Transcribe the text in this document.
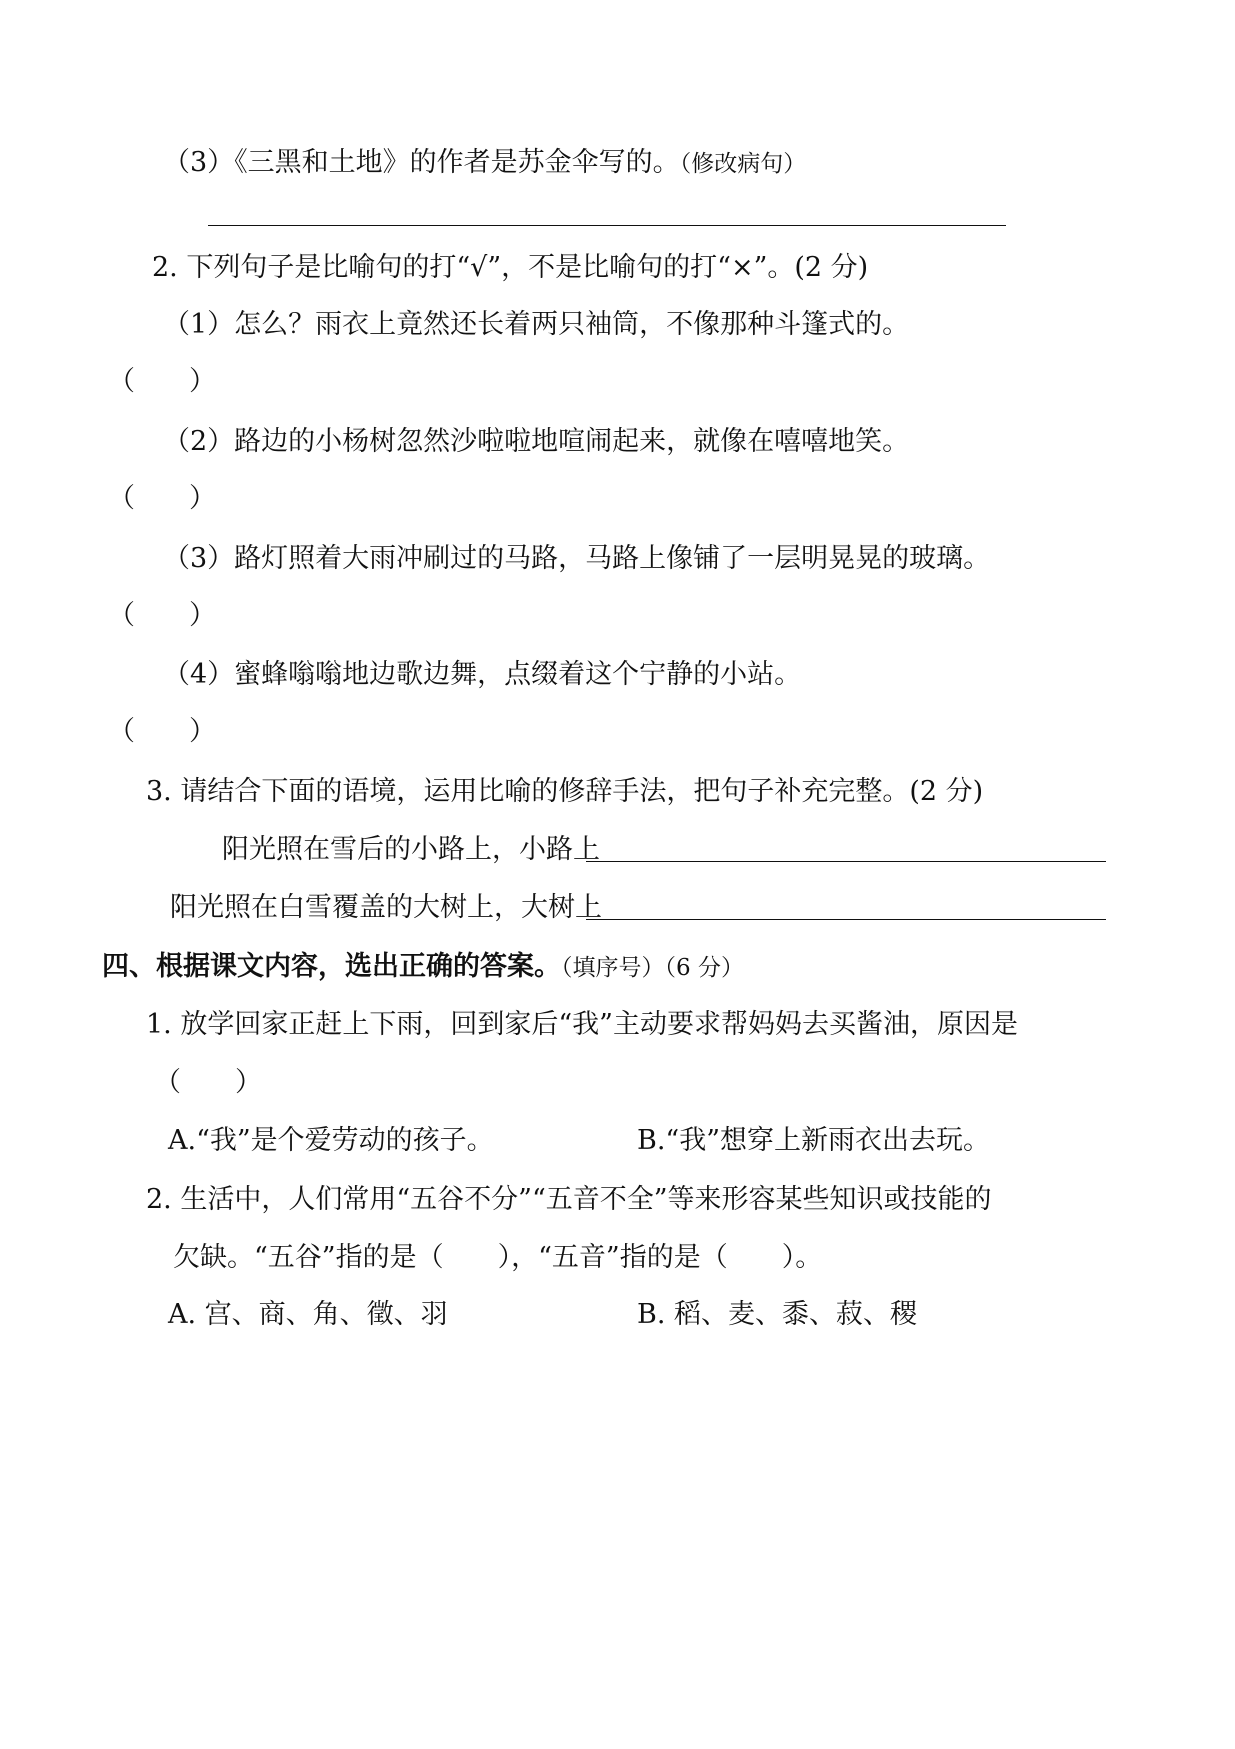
（3）《三黑和土地》的作者是苏金伞写的。（修改病句）
2. 下列句子是比喻句的打“√”，不是比喻句的打“×”。(2 分)
（1）怎么？雨衣上竟然还长着两只袖筒，不像那种斗篷式的。
（　　）
（2）路边的小杨树忽然沙啦啦地喧闹起来，就像在嘻嘻地笑。
（　　）
（3）路灯照着大雨冲刷过的马路，马路上像铺了一层明晃晃的玻璃。
（　　）
（4）蜜蜂嗡嗡地边歌边舞，点缀着这个宁静的小站。
（　　）
3. 请结合下面的语境，运用比喻的修辞手法，把句子补充完整。(2 分)
阳光照在雪后的小路上，小路上
阳光照在白雪覆盖的大树上，大树上
四、根据课文内容，选出正确的答案。（填序号）（6 分）
1. 放学回家正赶上下雨，回到家后“我”主动要求帮妈妈去买酱油，原因是
（　　）
A.“我”是个爱劳动的孩子。	B.“我”想穿上新雨衣出去玩。
2. 生活中，人们常用“五谷不分”“五音不全”等来形容某些知识或技能的
欠缺。“五谷”指的是（　　），“五音”指的是（　　）。
A. 宫、商、角、徵、羽	B. 稻、麦、黍、菽、稷
